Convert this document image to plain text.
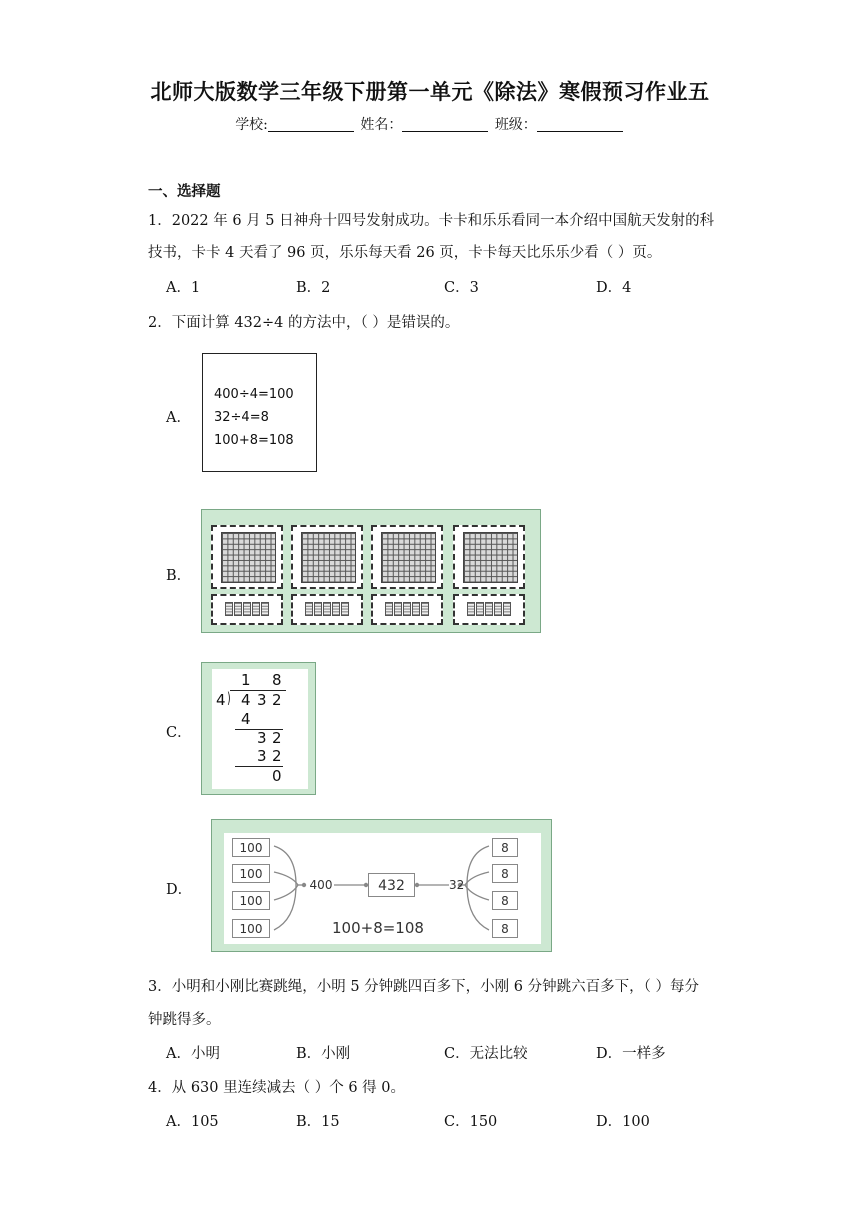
北师大版数学三年级下册第一单元《除法》寒假预习作业五
学校:	姓名：	班级：
一、选择题
1．2022 年 6 月 5 日神舟十四号发射成功。卡卡和乐乐看同一本介绍中国航天发射的科
技书，卡卡 4 天看了 96 页，乐乐每天看 26 页，卡卡每天比乐乐少看（ ）页。
A．1	B．2	C．3	D．4
2．下面计算 432÷4 的方法中，（ ）是错误的。
A．
400÷4=100
32÷4=8
100+8=108
B．
C．
1 8
)
4 4 3 2
4
3 2
3 2
0
D．
100
100
100
100
400	432	32
8
8
8
8
100+8=108
3．小明和小刚比赛跳绳，小明 5 分钟跳四百多下，小刚 6 分钟跳六百多下，（ ）每分
钟跳得多。
A．小明	B．小刚	C．无法比较	D．一样多
4．从 630 里连续减去（ ）个 6 得 0。
A．105	B．15	C．150	D．100
